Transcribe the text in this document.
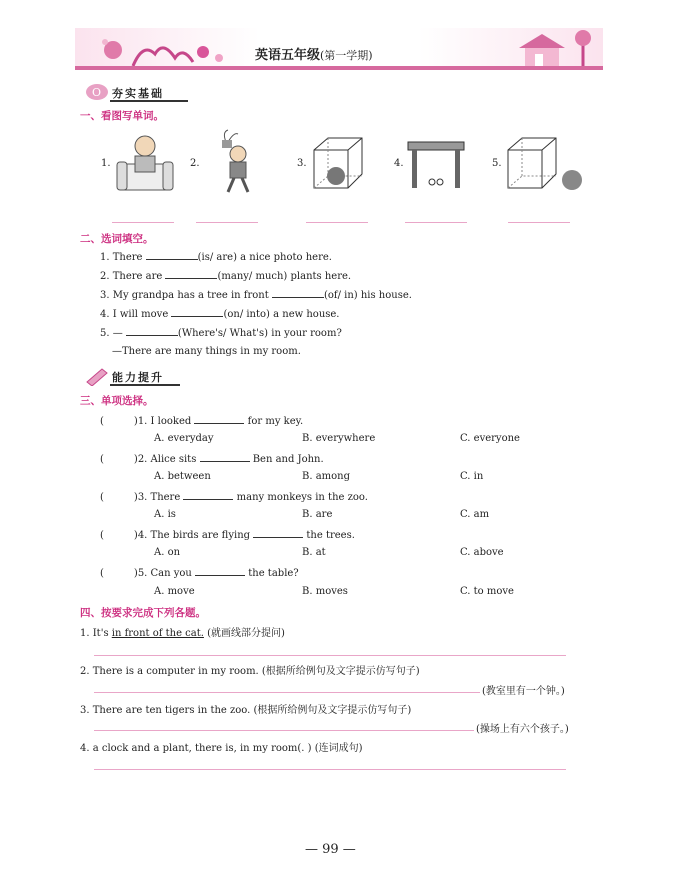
英语五年级(第一学期)
O 夯实基础
一、看图写单词。
1.	2.	3.	4.	5.
二、选词填空。
1. There	(is/ are) a nice photo here.
2. There are	(many/ much) plants here.
3. My grandpa has a tree in front	(of/ in) his house.
4. I will move	(on/ into) a new house.
5. —	(Where's/ What's) in your room?
—There are many things in my room.
能力提升
三、单项选择。
(	)1. I looked	for my key.
A. everyday	B. everywhere	C. everyone
(	)2. Alice sits	Ben and John.
A. between	B. among	C. in
(	)3. There	many monkeys in the zoo.
A. is	B. are	C. am
(	)4. The birds are flying	the trees.
A. on	B. at	C. above
(	)5. Can you	the table?
A. move	B. moves	C. to move
四、按要求完成下列各题。
1. It's in front of the cat. (就画线部分提问)
2. There is a computer in my room. (根据所给例句及文字提示仿写句子)
(教室里有一个钟。)
3. There are ten tigers in the zoo. (根据所给例句及文字提示仿写句子)
(操场上有六个孩子。)
4. a clock and a plant, there is, in my room(. ) (连词成句)
— 99 —
